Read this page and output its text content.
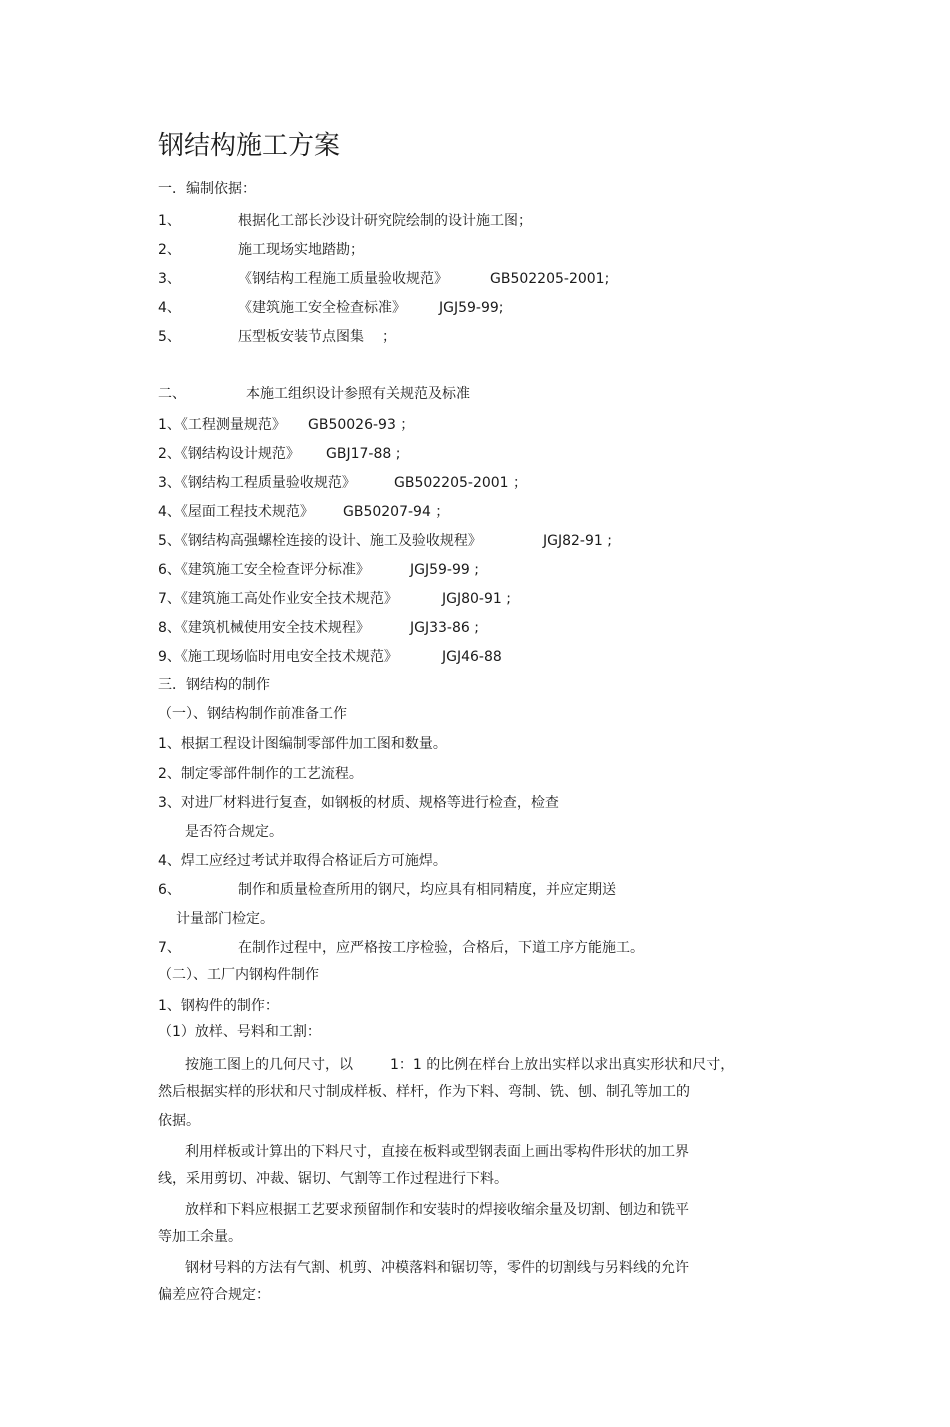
钢结构施工方案
一．编制依据：
1、	根据化工部长沙设计研究院绘制的设计施工图；
2、	施工现场实地踏勘；
3、	《钢结构工程施工质量验收规范》	GB502205-2001;
4、	《建筑施工安全检查标准》 JGJ59-99;
5、	压型板安装节点图集 ；
二、	本施工组织设计参照有关规范及标准
1、《工程测量规范》 GB50026-93 ；
2、《钢结构设计规范》 GBJ17-88 ;
3、《钢结构工程质量验收规范》	GB502205-2001 ；
4、《屋面工程技术规范》 GB50207-94 ；
5、《钢结构高强螺栓连接的设计、施工及验收规程》	JGJ82-91 ;
6、《建筑施工安全检查评分标准》	JGJ59-99 ;
7、《建筑施工高处作业安全技术规范》	JGJ80-91 ;
8、《建筑机械使用安全技术规程》	JGJ33-86 ;
9、《施工现场临时用电安全技术规范》	JGJ46-88
三．钢结构的制作
（一）、钢结构制作前准备工作
1、根据工程设计图编制零部件加工图和数量。
2、制定零部件制作的工艺流程。
3、对进厂材料进行复查，如钢板的材质、规格等进行检查，检查
是否符合规定。
4、焊工应经过考试并取得合格证后方可施焊。
6、	制作和质量检查所用的钢尺，均应具有相同精度，并应定期送
计量部门检定。
7、	在制作过程中，应严格按工序检验，合格后，下道工序方能施工。
（二）、工厂内钢构件制作
1、钢构件的制作：
（1）放样、号料和工割：
按施工图上的几何尺寸，以	1：1 的比例在样台上放出实样以求出真实形状和尺寸，
然后根据实样的形状和尺寸制成样板、样杆，作为下料、弯制、铣、刨、制孔等加工的
依据。
利用样板或计算出的下料尺寸，直接在板料或型钢表面上画出零构件形状的加工界
线，采用剪切、冲裁、锯切、气割等工作过程进行下料。
放样和下料应根据工艺要求预留制作和安装时的焊接收缩余量及切割、刨边和铣平
等加工余量。
钢材号料的方法有气割、机剪、冲模落料和锯切等，零件的切割线与另料线的允许
偏差应符合规定：
